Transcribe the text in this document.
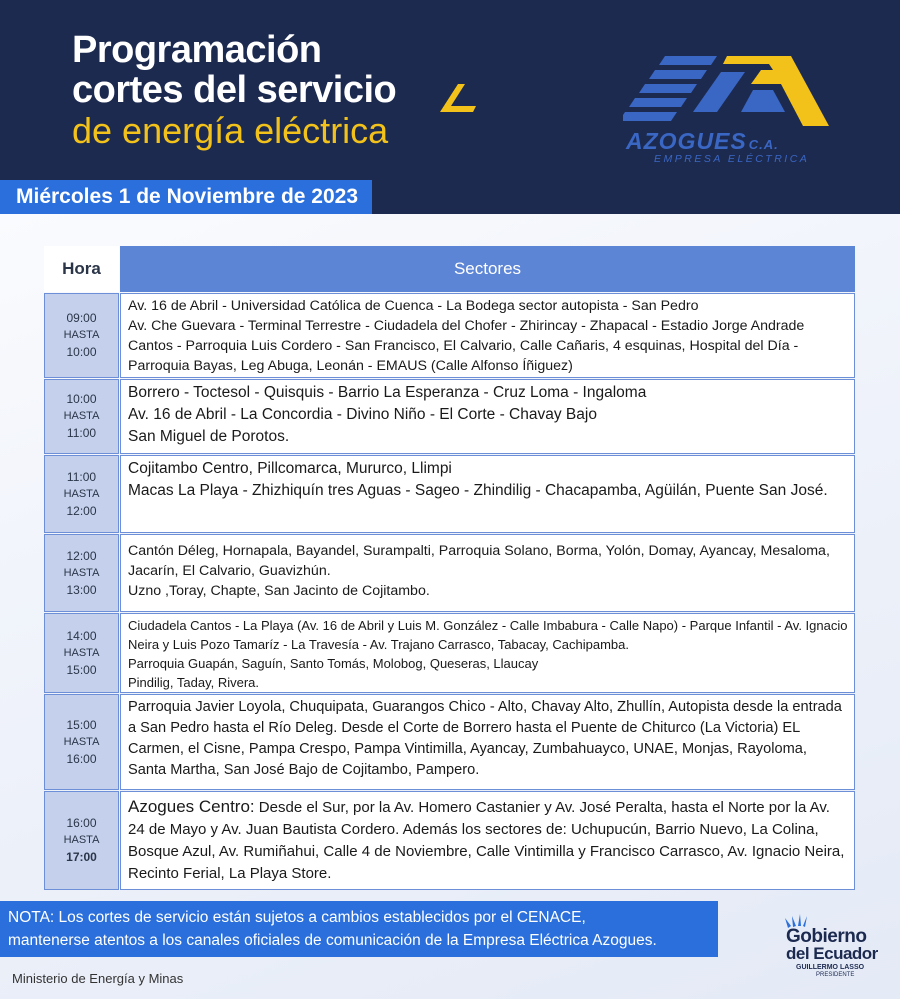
Programación
cortes del servicio
de energía eléctrica	AZOGUES C.A.
EMPRESA ELÉCTRICA
Miércoles 1 de Noviembre de 2023
Hora	Sectores
09:00
HASTA
10:00

Av. 16 de Abril - Universidad Católica de Cuenca - La Bodega sector autopista - San Pedro

Av. Che Guevara - Terminal Terrestre - Ciudadela del Chofer - Zhirincay - Zhapacal - Estadio Jorge Andrade Cantos - Parroquia Luis Cordero - San Francisco, El Calvario, Calle Cañaris, 4 esquinas, Hospital del Día - Parroquia Bayas, Leg Abuga, Leonán - EMAUS (Calle Alfonso Íñiguez)

10:00
HASTA
11:00

Borrero - Toctesol - Quisquis - Barrio La Esperanza - Cruz Loma - Ingaloma

Av. 16 de Abril - La Concordia - Divino Niño - El Corte - Chavay Bajo

San Miguel de Porotos.

11:00
HASTA
12:00

Cojitambo Centro, Pillcomarca, Mururco, Llimpi

Macas La Playa - Zhizhiquín tres Aguas - Sageo - Zhindilig - Chacapamba, Agüilán, Puente San José.

12:00
HASTA
13:00

Cantón Déleg, Hornapala, Bayandel, Surampalti, Parroquia Solano, Borma, Yolón, Domay, Ayancay, Mesaloma, Jacarín, El Calvario, Guavizhún.

Uzno ,Toray, Chapte, San Jacinto de Cojitambo.

14:00
HASTA
15:00

Ciudadela Cantos - La Playa (Av. 16 de Abril y Luis M. González - Calle Imbabura - Calle Napo) - Parque Infantil - Av. Ignacio Neira y Luis Pozo Tamaríz - La Travesía - Av. Trajano Carrasco, Tabacay, Cachipamba.

Parroquia Guapán, Saguín, Santo Tomás, Molobog, Queseras, Llaucay

Pindilig, Taday, Rivera.

15:00
HASTA
16:00

Parroquia Javier Loyola, Chuquipata, Guarangos Chico - Alto, Chavay Alto, Zhullín, Autopista desde la entrada a San Pedro hasta el Río Deleg. Desde el Corte de Borrero hasta el Puente de Chiturco (La Victoria) EL Carmen, el Cisne, Pampa Crespo, Pampa Vintimilla, Ayancay, Zumbahuayco, UNAE, Monjas, Rayoloma, Santa Martha, San José Bajo de Cojitambo, Pampero.

16:00
HASTA
17:00

Azogues Centro: Desde el Sur, por la Av. Homero Castanier y Av. José Peralta, hasta el Norte por la Av. 24 de Mayo y Av. Juan Bautista Cordero. Además los sectores de: Uchupucún, Barrio Nuevo, La Colina, Bosque Azul, Av. Rumiñahui, Calle 4 de Noviembre, Calle Vintimilla y Francisco Carrasco, Av. Ignacio Neira, Recinto Ferial, La Playa Store.

NOTA: Los cortes de servicio están sujetos a cambios establecidos por el CENACE,
mantenerse atentos a los canales oficiales de comunicación de la Empresa Eléctrica Azogues.
Ministerio de Energía y Minas
Gobierno
del Ecuador
GUILLERMO LASSO
PRESIDENTE
